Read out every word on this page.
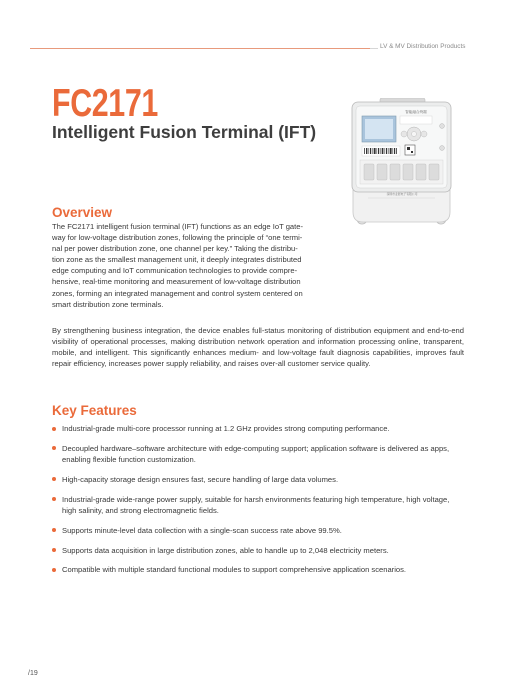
LV & MV Distribution Products
FC2171
Intelligent Fusion Terminal (IFT)
智能融合终端
深圳市业展电子有限公司
Overview
The FC2171 intelligent fusion terminal (IFT) functions as an edge IoT gate-
way for low-voltage distribution zones, following the principle of “one termi-
nal per power distribution zone, one channel per key.” Taking the distribu-
tion zone as the smallest management unit, it deeply integrates distributed
edge computing and IoT communication technologies to provide compre-
hensive, real-time monitoring and measurement of low-voltage distribution
zones, forming an integrated management and control system centered on
smart distribution zone terminals.

By strengthening business integration, the device enables full-status monitoring of distribution equipment and end-to-end visibility of operational processes, making distribution network operation and information processing online, transparent, mobile, and intelligent. This significantly enhances medium- and low-voltage fault diagnosis capabilities, improves fault repair efficiency, increases power supply reliability, and raises over-all customer service quality.

Key Features
Industrial-grade multi-core processor running at 1.2 GHz provides strong computing performance.
Decoupled hardware–software architecture with edge-computing support; application software is delivered as apps, enabling flexible function customization.
High-capacity storage design ensures fast, secure handling of large data volumes.
Industrial-grade wide-range power supply, suitable for harsh environments featuring high temperature, high voltage, high salinity, and strong electromagnetic fields.
Supports minute-level data collection with a single-scan success rate above 99.5%.
Supports data acquisition in large distribution zones, able to handle up to 2,048 electricity meters.
Compatible with multiple standard functional modules to support comprehensive application scenarios.
/19
